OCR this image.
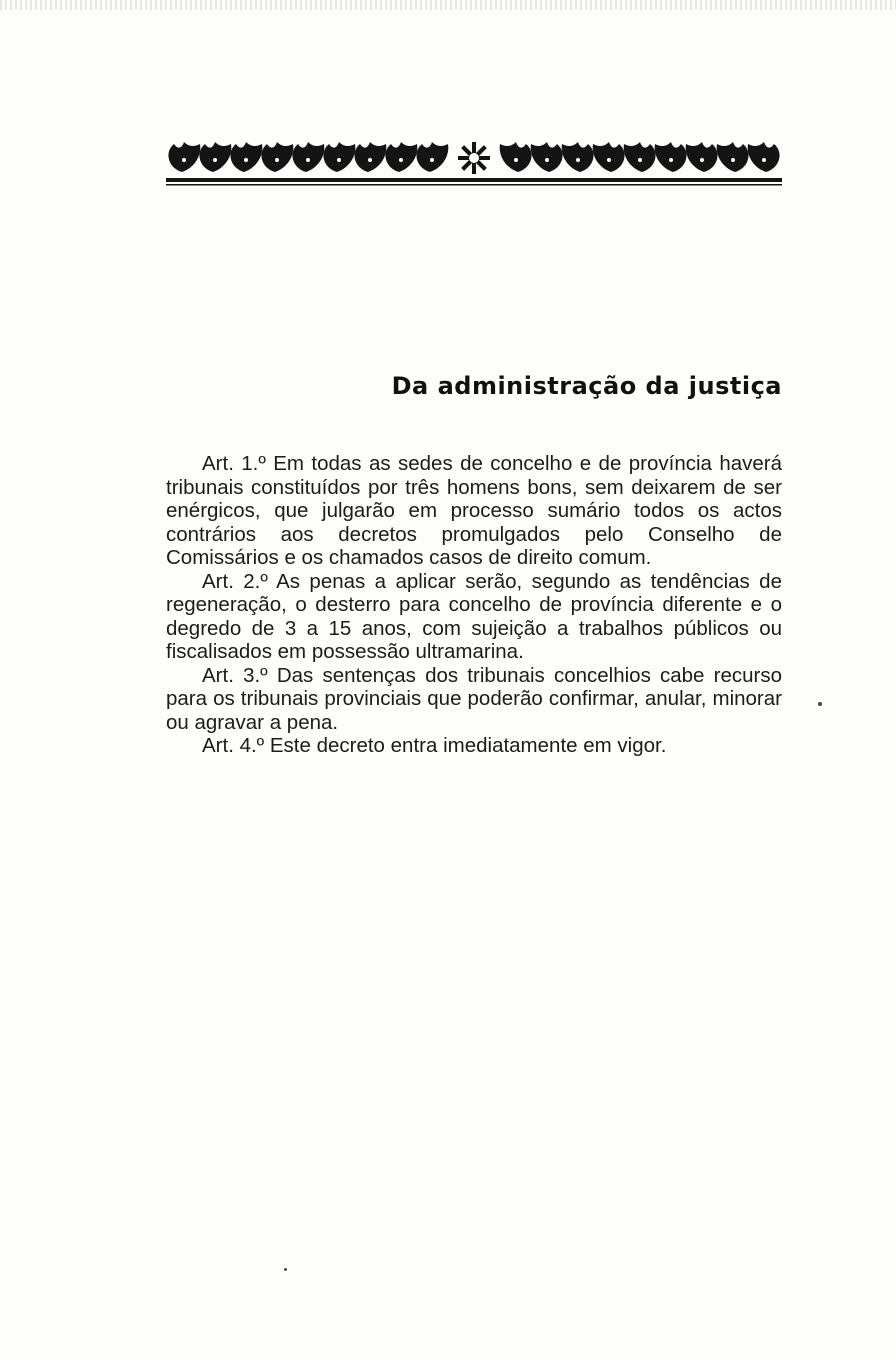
Da administração da justiça

Art. 1.º Em todas as sedes de concelho e de província haverá tribunais constituídos por três homens bons, sem deixarem de ser enérgicos, que julgarão em processo sumário todos os actos contrários aos decretos promulgados pelo Conselho de Comissários e os chamados casos de direito comum.

Art. 2.º As penas a aplicar serão, segundo as tendências de regeneração, o desterro para concelho de província diferente e o degredo de 3 a 15 anos, com sujeição a trabalhos públicos ou fiscalisados em possessão ultramarina.

Art. 3.º Das sentenças dos tribunais concelhios cabe recurso para os tribunais provinciais que poderão confirmar, anular, minorar ou agravar a pena.

Art. 4.º Este decreto entra imediatamente em vigor.
